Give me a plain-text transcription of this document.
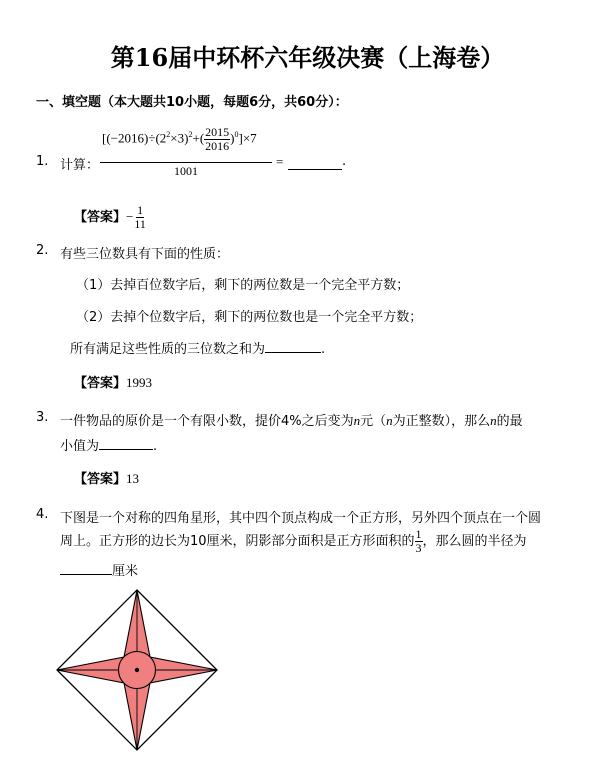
第16届中环杯六年级决赛（上海卷）
一、填空题（本大题共10小题，每题6分，共60分）：
1. 计算：
$[(-2016)\div(2^2\times 3)^2+( \frac{2015}{2016} )^0]\times 7$
1001
=	.
【答案】− $\frac{1}{11}$
2. 有些三位数具有下面的性质：
（1）去掉百位数字后，剩下的两位数是一个完全平方数；
（2）去掉个位数字后，剩下的两位数也是一个完全平方数；
所有满足这些性质的三位数之和为	.
【答案】1993
3. 一件物品的原价是一个有限小数，提价4%之后变为n元（n为正整数），那么n的最
小值为	.
【答案】13
4. 下图是一个对称的四角星形，其中四个顶点构成一个正方形，另外四个顶点在一个圆
周上。正方形的边长为10厘米，阴影部分面积是正方形面积的 $\frac{1}{3}$ ，那么圆的半径为
厘米
